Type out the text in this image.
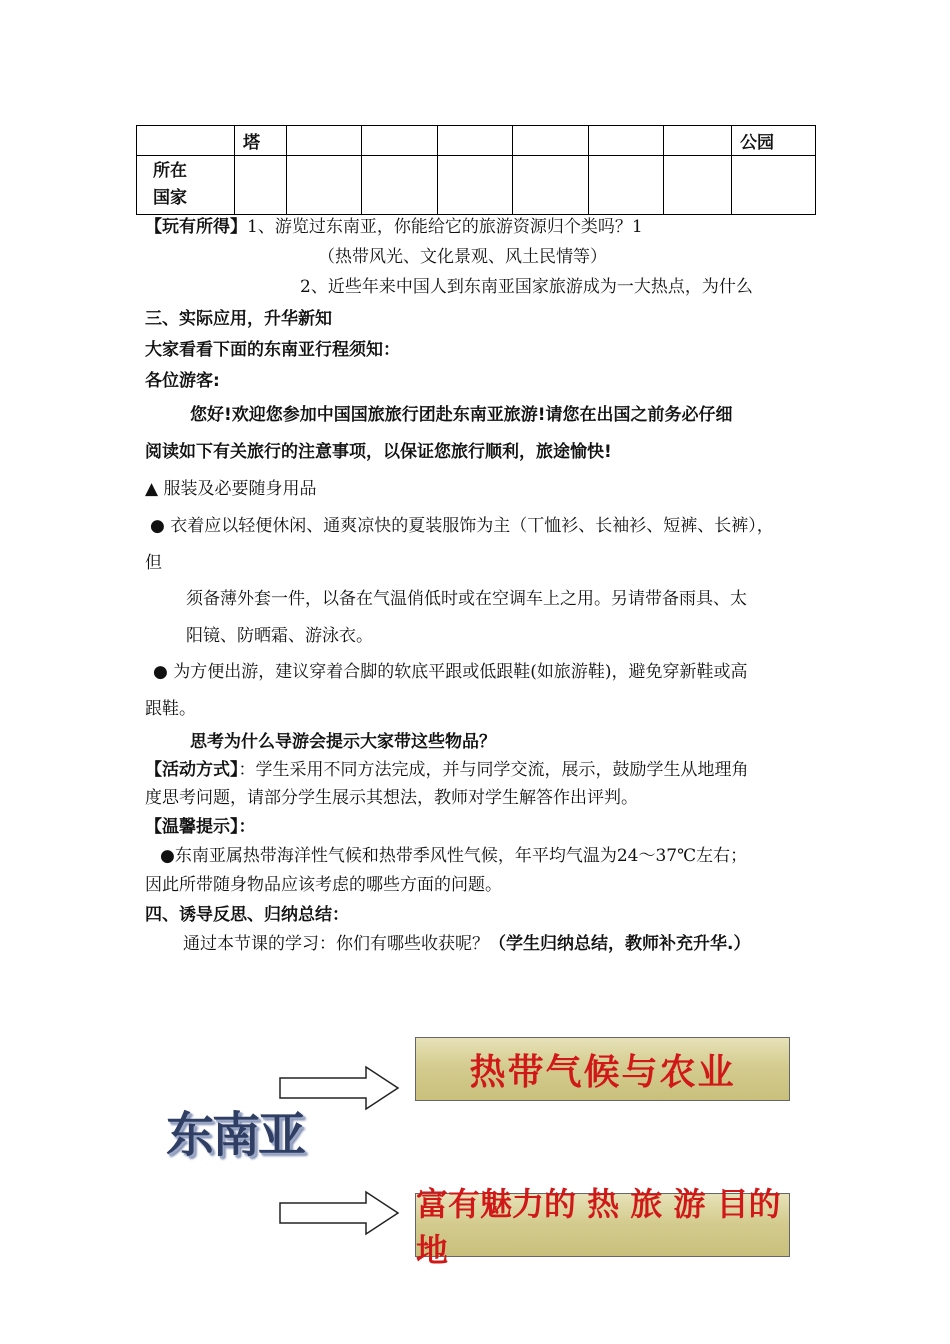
	塔							公园

所在
国家								

【玩有所得】1、游览过东南亚，你能给它的旅游资源归个类吗？1
（热带风光、文化景观、风土民情等）
2、近些年来中国人到东南亚国家旅游成为一大热点，为什么
三、实际应用，升华新知
大家看看下面的东南亚行程须知：
各位游客:
您好!欢迎您参加中国国旅旅行团赴东南亚旅游!请您在出国之前务必仔细
阅读如下有关旅行的注意事项，以保证您旅行顺利，旅途愉快!
▲ 服装及必要随身用品
● 衣着应以轻便休闲、通爽凉快的夏装服饰为主（丅恤衫、长袖衫、短裤、长裤），
但
须备薄外套一件，以备在气温俏低时或在空调车上之用。另请带备雨具、太
阳镜、防晒霜、游泳衣。
● 为方便出游，建议穿着合脚的软底平跟或低跟鞋(如旅游鞋)，避免穿新鞋或高
跟鞋。
思考为什么导游会提示大家带这些物品？
【活动方式】：学生采用不同方法完成，并与同学交流，展示，鼓励学生从地理角
度思考问题，请部分学生展示其想法，教师对学生解答作出评判。
【温馨提示】：
●东南亚属热带海洋性气候和热带季风性气候，年平均气温为24～37℃左右；
因此所带随身物品应该考虑的哪些方面的问题。
四、诱导反思、归纳总结：
通过本节课的学习：你们有哪些收获呢？（学生归纳总结，教师补充升华.）
东南亚
热带气候与农业
富有魅力的 热 旅 游 目的地
